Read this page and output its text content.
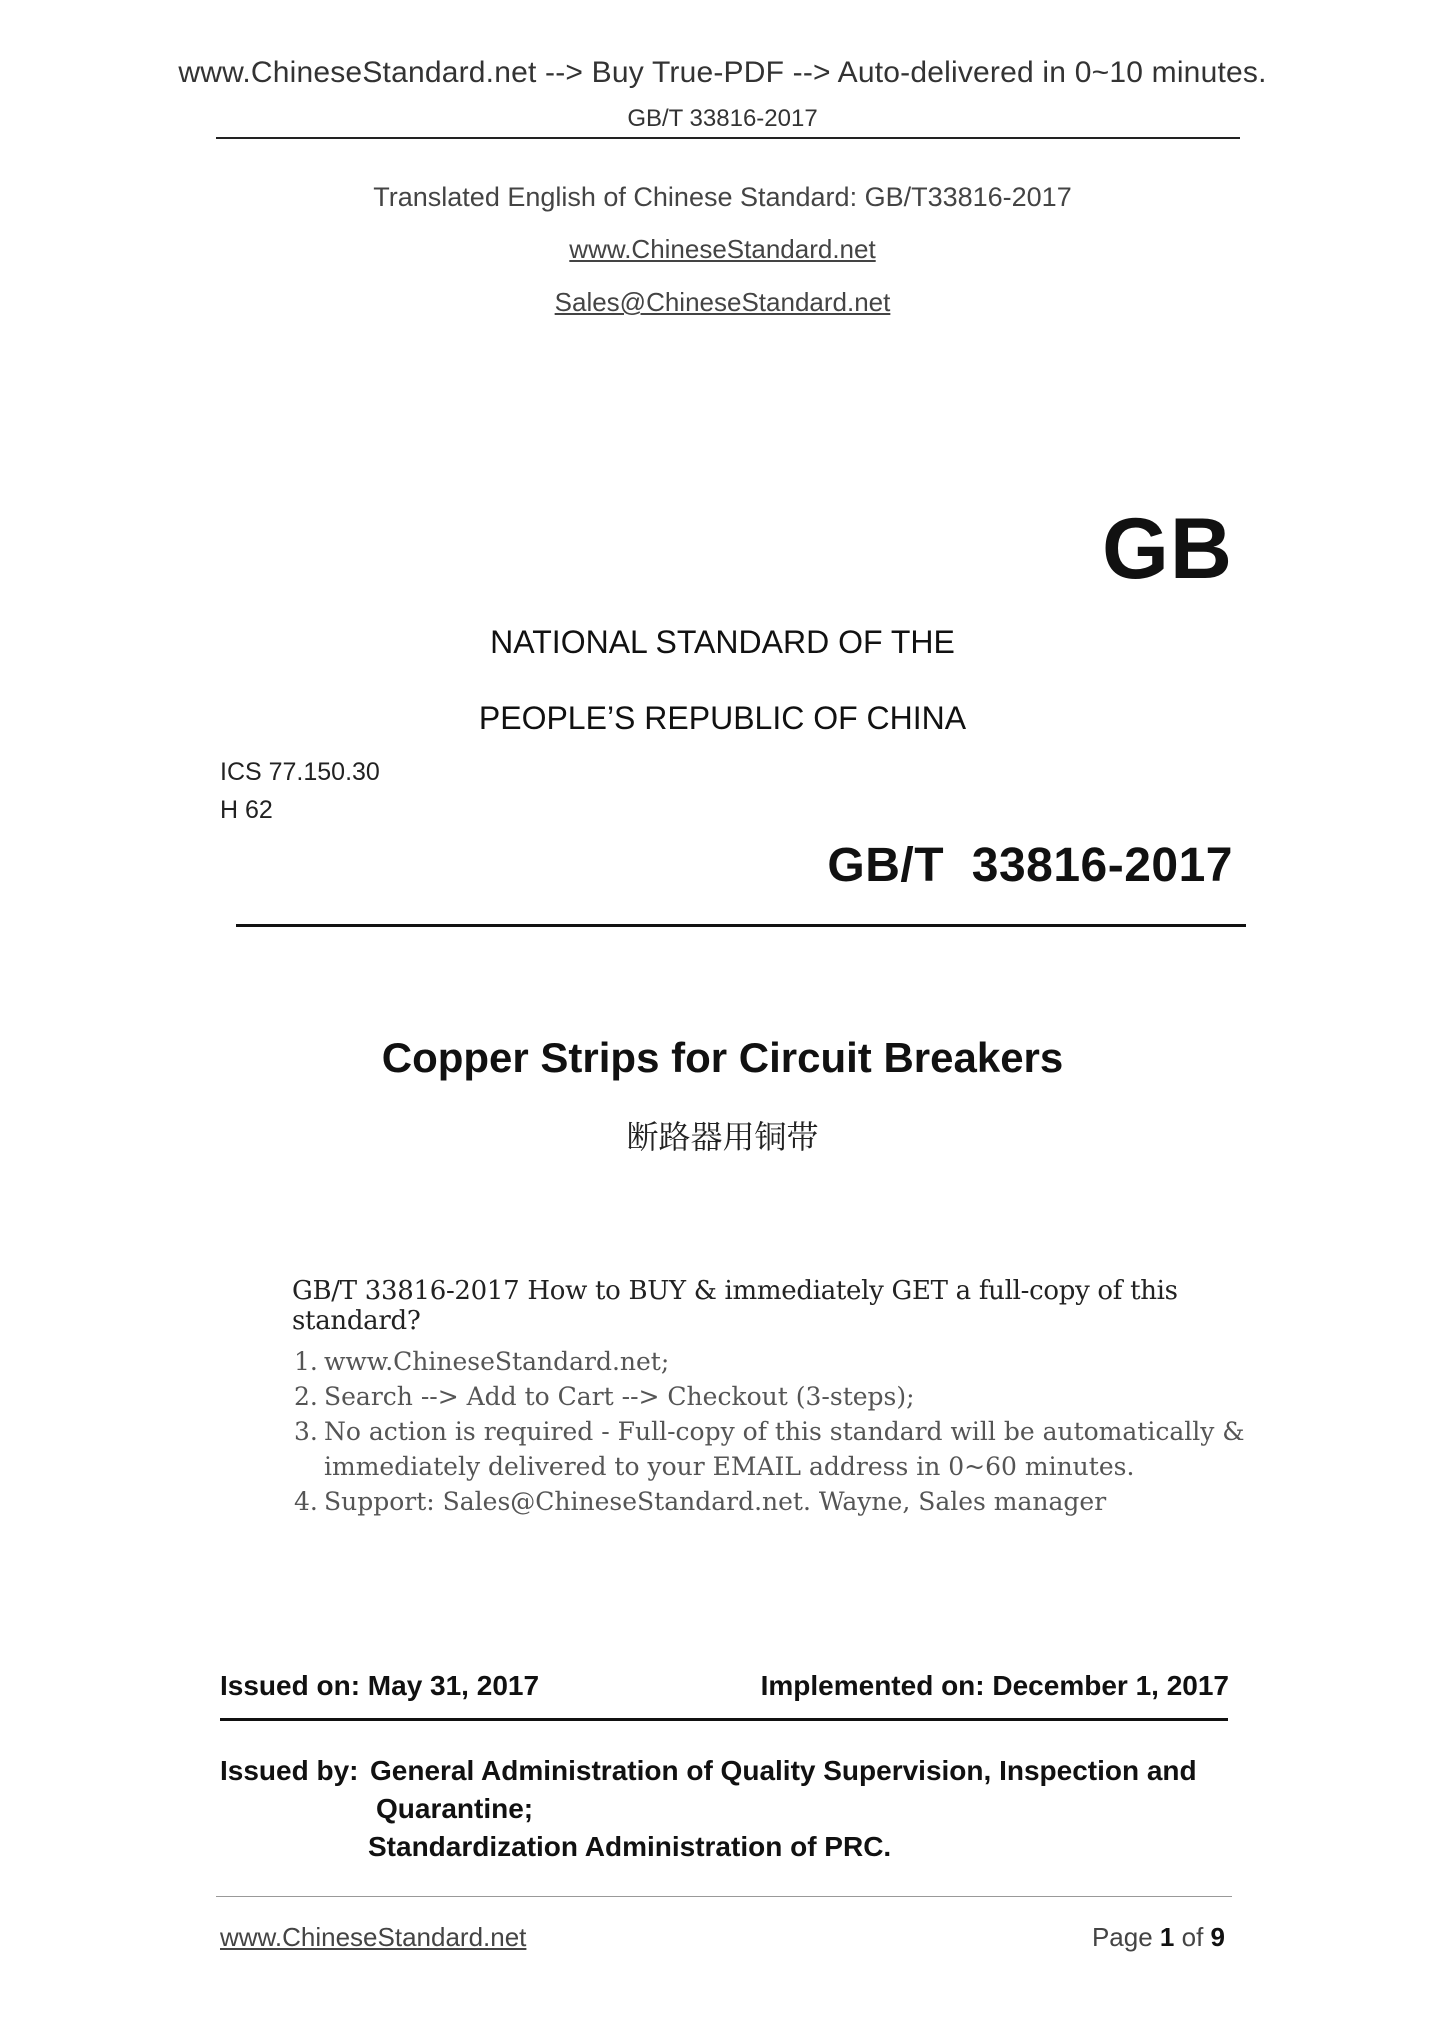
www.ChineseStandard.net --> Buy True-PDF --> Auto-delivered in 0~10 minutes.
GB/T 33816-2017
Translated English of Chinese Standard: GB/T33816-2017
www.ChineseStandard.net
Sales@ChineseStandard.net
GB
NATIONAL STANDARD OF THE
PEOPLE’S REPUBLIC OF CHINA
ICS 77.150.30
H 62
GB/T  33816-2017
Copper Strips for Circuit Breakers
断路器用铜带
GB/T 33816-2017 How to BUY & immediately GET a full-copy of this standard?
1. www.ChineseStandard.net;
2. Search --> Add to Cart --> Checkout (3-steps);
3. No action is required - Full-copy of this standard will be automatically & immediately delivered to your EMAIL address in 0~60 minutes.
4. Support: Sales@ChineseStandard.net. Wayne, Sales manager
Issued on: May 31, 2017	Implemented on: December 1, 2017
Issued by: General Administration of Quality Supervision, Inspection and
Quarantine;
Standardization Administration of PRC.
www.ChineseStandard.net	Page 1 of 9
